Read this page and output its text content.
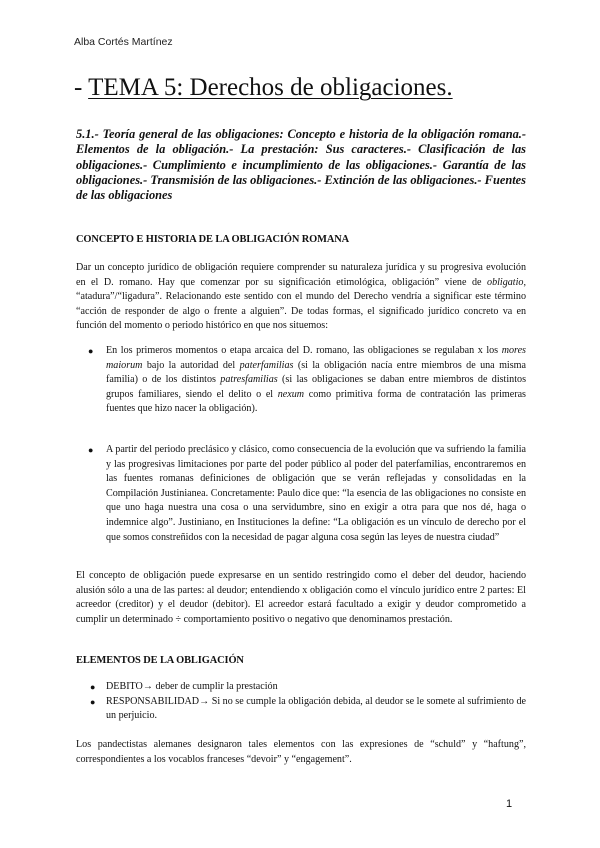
Alba Cortés Martínez
- TEMA 5: Derechos de obligaciones.
5.1.- Teoría general de las obligaciones: Concepto e historia de la obligación romana.- Elementos de la obligación.- La prestación: Sus caracteres.- Clasificación de las obligaciones.- Cumplimiento e incumplimiento de las obligaciones.- Garantía de las obligaciones.- Transmisión de las obligaciones.- Extinción de las obligaciones.- Fuentes de las obligaciones
CONCEPTO E HISTORIA DE LA OBLIGACIÓN ROMANA
Dar un concepto jurídico de obligación requiere comprender su naturaleza jurídica y su progresiva evolución en el D. romano. Hay que comenzar por su significación etimológica, obligación” viene de obligatio, “atadura”/“ligadura”. Relacionando este sentido con el mundo del Derecho vendría a significar este término “acción de responder de algo o frente a alguien”. De todas formas, el significado jurídico concreto va en función del momento o periodo histórico en que nos situemos:
● En los primeros momentos o etapa arcaica del D. romano, las obligaciones se regulaban x los mores maiorum bajo la autoridad del paterfamilias (si la obligación nacía entre miembros de una misma familia) o de los distintos patresfamilias (si las obligaciones se daban entre miembros de distintos grupos familiares, siendo el delito o el nexum como primitiva forma de contratación las primeras fuentes que hizo nacer la obligación).
● A partir del periodo preclásico y clásico, como consecuencia de la evolución que va sufriendo la familia y las progresivas limitaciones por parte del poder público al poder del paterfamilias, encontraremos en las fuentes romanas definiciones de obligación que se verán reflejadas y consolidadas en la Compilación Justinianea. Concretamente: Paulo dice que: “la esencia de las obligaciones no consiste en que uno haga nuestra una cosa o una servidumbre, sino en exigir a otra para que nos dé, haga o indemnice algo”. Justiniano, en Instituciones la define: “La obligación es un vínculo de derecho por el que somos constreñidos con la necesidad de pagar alguna cosa según las leyes de nuestra ciudad”
El concepto de obligación puede expresarse en un sentido restringido como el deber del deudor, haciendo alusión sólo a una de las partes: al deudor; entendiendo x obligación como el vínculo jurídico entre 2 partes: El acreedor (creditor) y el deudor (debitor). El acreedor estará facultado a exigir y deudor comprometido a cumplir un determinado ÷ comportamiento positivo o negativo que denominamos prestación.
ELEMENTOS DE LA OBLIGACIÓN
● DEBITO→ deber de cumplir la prestación
● RESPONSABILIDAD→ Si no se cumple la obligación debida, al deudor se le somete al sufrimiento de un perjuicio.
Los pandectistas alemanes designaron tales elementos con las expresiones de “schuld” y “haftung”, correspondientes a los vocablos franceses “devoir” y “engagement”.
1
